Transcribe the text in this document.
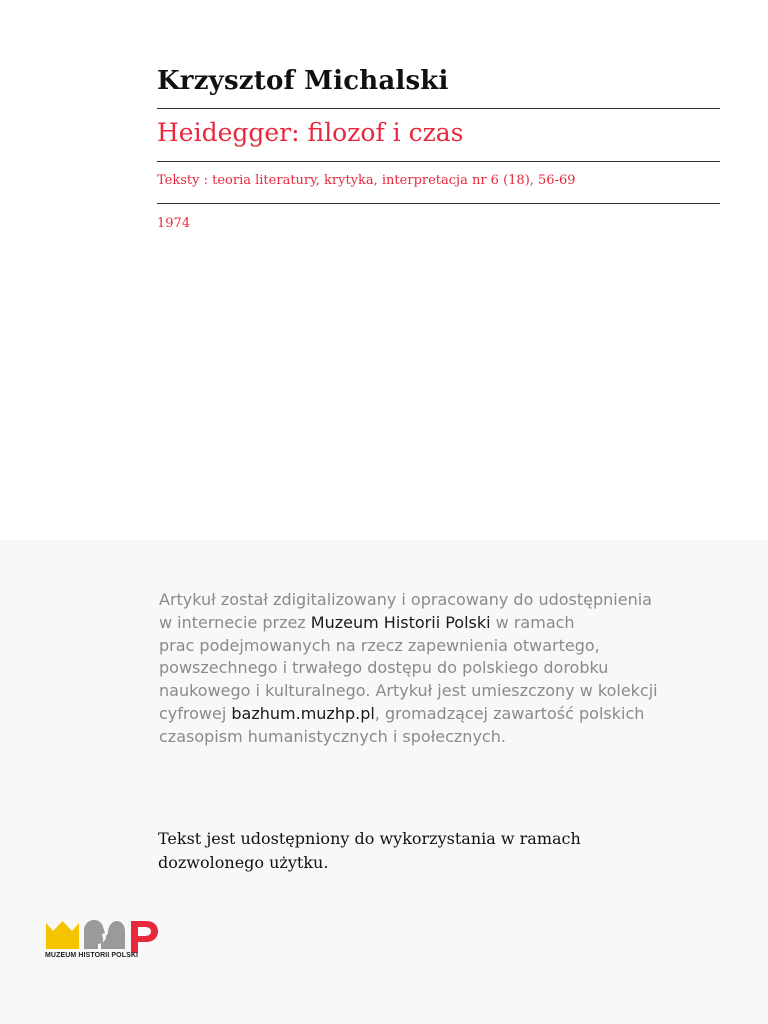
Krzysztof Michalski
Heidegger: filozof i czas
Teksty : teoria literatury, krytyka, interpretacja nr 6 (18), 56-69
1974
Artykuł został zdigitalizowany i opracowany do udostępnienia
w internecie przez Muzeum Historii Polski w ramach
prac podejmowanych na rzecz zapewnienia otwartego,
powszechnego i trwałego dostępu do polskiego dorobku
naukowego i kulturalnego. Artykuł jest umieszczony w kolekcji
cyfrowej bazhum.muzhp.pl, gromadzącej zawartość polskich
czasopism humanistycznych i społecznych.
Tekst jest udostępniony do wykorzystania w ramach
dozwolonego użytku.
MUZEUM HISTORII POLSKI
